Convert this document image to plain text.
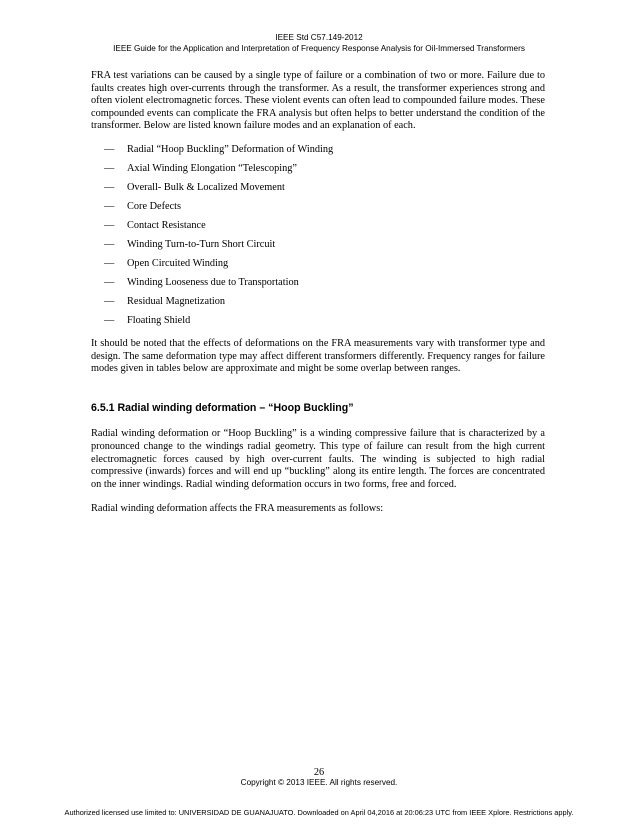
IEEE Std C57.149-2012
IEEE Guide for the Application and Interpretation of Frequency Response Analysis for Oil-Immersed Transformers

FRA test variations can be caused by a single type of failure or a combination of two or more. Failure due to faults creates high over-currents through the transformer. As a result, the transformer experiences strong and often violent electromagnetic forces. These violent events can often lead to compounded failure modes. These compounded events can complicate the FRA analysis but often helps to better understand the condition of the transformer. Below are listed known failure modes and an explanation of each.

—	Radial “Hoop Buckling” Deformation of Winding
—	Axial Winding Elongation “Telescoping”
—	Overall- Bulk & Localized Movement
—	Core Defects
—	Contact Resistance
—	Winding Turn-to-Turn Short Circuit
—	Open Circuited Winding
—	Winding Looseness due to Transportation
—	Residual Magnetization
—	Floating Shield

It should be noted that the effects of deformations on the FRA measurements vary with transformer type and design. The same deformation type may affect different transformers differently. Frequency ranges for failure modes given in tables below are approximate and might be some overlap between ranges.

6.5.1 Radial winding deformation – “Hoop Buckling”

Radial winding deformation or “Hoop Buckling” is a winding compressive failure that is characterized by a pronounced change to the windings radial geometry. This type of failure can result from the high current electromagnetic forces caused by high over-current faults. The winding is subjected to high radial compressive (inwards) forces and will end up “buckling” along its entire length. The forces are concentrated on the inner windings. Radial winding deformation occurs in two forms, free and forced.

Radial winding deformation affects the FRA measurements as follows:

26
Copyright © 2013 IEEE. All rights reserved.
Authorized licensed use limited to: UNIVERSIDAD DE GUANAJUATO. Downloaded on April 04,2016 at 20:06:23 UTC from IEEE Xplore. Restrictions apply.
